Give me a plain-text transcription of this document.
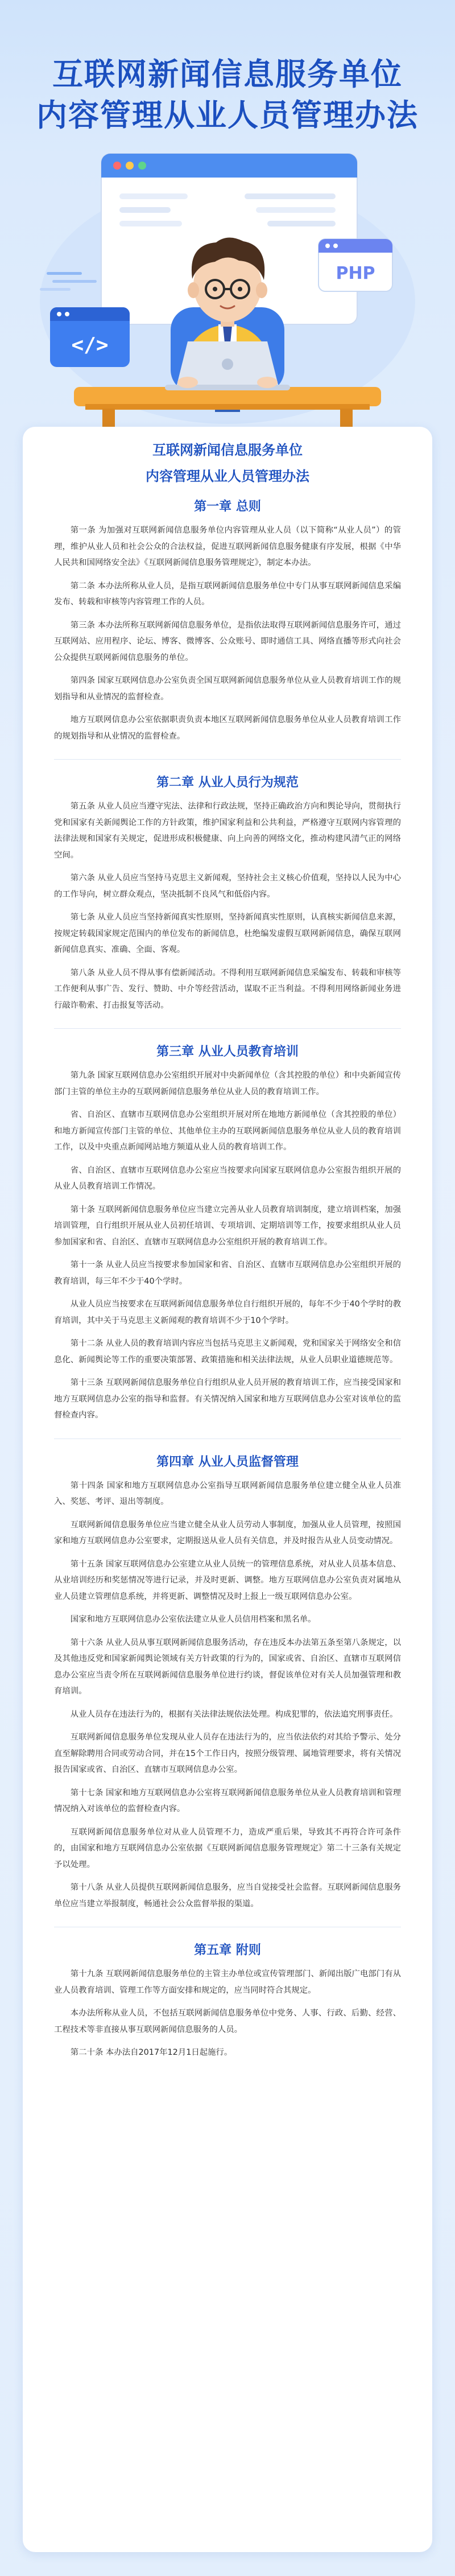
互联网新闻信息服务单位
内容管理从业人员管理办法
PHP
</>
互联网新闻信息服务单位
内容管理从业人员管理办法
第一章 总则

第一条 为加强对互联网新闻信息服务单位内容管理从业人员（以下简称“从业人员”）的管理，维护从业人员和社会公众的合法权益，促进互联网新闻信息服务健康有序发展，根据《中华人民共和国网络安全法》《互联网新闻信息服务管理规定》，制定本办法。

第二条 本办法所称从业人员，是指互联网新闻信息服务单位中专门从事互联网新闻信息采编发布、转载和审核等内容管理工作的人员。

第三条 本办法所称互联网新闻信息服务单位，是指依法取得互联网新闻信息服务许可，通过互联网站、应用程序、论坛、博客、微博客、公众账号、即时通信工具、网络直播等形式向社会公众提供互联网新闻信息服务的单位。

第四条 国家互联网信息办公室负责全国互联网新闻信息服务单位从业人员教育培训工作的规划指导和从业情况的监督检查。

地方互联网信息办公室依据职责负责本地区互联网新闻信息服务单位从业人员教育培训工作的规划指导和从业情况的监督检查。

第二章 从业人员行为规范

第五条 从业人员应当遵守宪法、法律和行政法规，坚持正确政治方向和舆论导向，贯彻执行党和国家有关新闻舆论工作的方针政策，维护国家利益和公共利益，严格遵守互联网内容管理的法律法规和国家有关规定，促进形成积极健康、向上向善的网络文化，推动构建风清气正的网络空间。

第六条 从业人员应当坚持马克思主义新闻观，坚持社会主义核心价值观，坚持以人民为中心的工作导向，树立群众观点，坚决抵制不良风气和低俗内容。

第七条 从业人员应当坚持新闻真实性原则，坚持新闻真实性原则，认真核实新闻信息来源，按规定转载国家规定范围内的单位发布的新闻信息，杜绝编发虚假互联网新闻信息，确保互联网新闻信息真实、准确、全面、客观。

第八条 从业人员不得从事有偿新闻活动。不得利用互联网新闻信息采编发布、转载和审核等工作便利从事广告、发行、赞助、中介等经营活动，谋取不正当利益。不得利用网络新闻业务进行敲诈勒索、打击报复等活动。

第三章 从业人员教育培训

第九条 国家互联网信息办公室组织开展对中央新闻单位（含其控股的单位）和中央新闻宣传部门主管的单位主办的互联网新闻信息服务单位从业人员的教育培训工作。

省、自治区、直辖市互联网信息办公室组织开展对所在地地方新闻单位（含其控股的单位）和地方新闻宣传部门主管的单位、其他单位主办的互联网新闻信息服务单位从业人员的教育培训工作，以及中央重点新闻网站地方频道从业人员的教育培训工作。

省、自治区、直辖市互联网信息办公室应当按要求向国家互联网信息办公室报告组织开展的从业人员教育培训工作情况。

第十条 互联网新闻信息服务单位应当建立完善从业人员教育培训制度，建立培训档案，加强培训管理，自行组织开展从业人员初任培训、专项培训、定期培训等工作，按要求组织从业人员参加国家和省、自治区、直辖市互联网信息办公室组织开展的教育培训工作。

第十一条 从业人员应当按要求参加国家和省、自治区、直辖市互联网信息办公室组织开展的教育培训，每三年不少于40个学时。

从业人员应当按要求在互联网新闻信息服务单位自行组织开展的，每年不少于40个学时的教育培训，其中关于马克思主义新闻观的教育培训不少于10个学时。

第十二条 从业人员的教育培训内容应当包括马克思主义新闻观，党和国家关于网络安全和信息化、新闻舆论等工作的重要决策部署、政策措施和相关法律法规，从业人员职业道德规范等。

第十三条 互联网新闻信息服务单位自行组织从业人员开展的教育培训工作，应当接受国家和地方互联网信息办公室的指导和监督。有关情况纳入国家和地方互联网信息办公室对该单位的监督检查内容。

第四章 从业人员监督管理

第十四条 国家和地方互联网信息办公室指导互联网新闻信息服务单位建立健全从业人员准入、奖惩、考评、退出等制度。

互联网新闻信息服务单位应当建立健全从业人员劳动人事制度，加强从业人员管理，按照国家和地方互联网信息办公室要求，定期报送从业人员有关信息，并及时报告从业人员变动情况。

第十五条 国家互联网信息办公室建立从业人员统一的管理信息系统，对从业人员基本信息、从业培训经历和奖惩情况等进行记录，并及时更新、调整。地方互联网信息办公室负责对属地从业人员建立管理信息系统，并将更新、调整情况及时上报上一级互联网信息办公室。

国家和地方互联网信息办公室依法建立从业人员信用档案和黑名单。

第十六条 从业人员从事互联网新闻信息服务活动，存在违反本办法第五条至第八条规定，以及其他违反党和国家新闻舆论领域有关方针政策的行为的，国家或省、自治区、直辖市互联网信息办公室应当责令所在互联网新闻信息服务单位进行约谈，督促该单位对有关人员加强管理和教育培训。

从业人员存在违法行为的，根据有关法律法规依法处理。构成犯罪的，依法追究刑事责任。

互联网新闻信息服务单位发现从业人员存在违法行为的，应当依法依约对其给予警示、处分直至解除聘用合同或劳动合同，并在15个工作日内，按照分级管理、属地管理要求，将有关情况报告国家或省、自治区、直辖市互联网信息办公室。

第十七条 国家和地方互联网信息办公室将互联网新闻信息服务单位从业人员教育培训和管理情况纳入对该单位的监督检查内容。

互联网新闻信息服务单位对从业人员管理不力，造成严重后果，导致其不再符合许可条件的，由国家和地方互联网信息办公室依据《互联网新闻信息服务管理规定》第二十三条有关规定予以处理。

第十八条 从业人员提供互联网新闻信息服务，应当自觉接受社会监督。互联网新闻信息服务单位应当建立举报制度，畅通社会公众监督举报的渠道。

第五章 附则

第十九条 互联网新闻信息服务单位的主管主办单位或宣传管理部门、新闻出版广电部门有从业人员教育培训、管理工作等方面安排和规定的，应当同时符合其规定。

本办法所称从业人员，不包括互联网新闻信息服务单位中党务、人事、行政、后勤、经营、工程技术等非直接从事互联网新闻信息服务的人员。

第二十条 本办法自2017年12月1日起施行。
